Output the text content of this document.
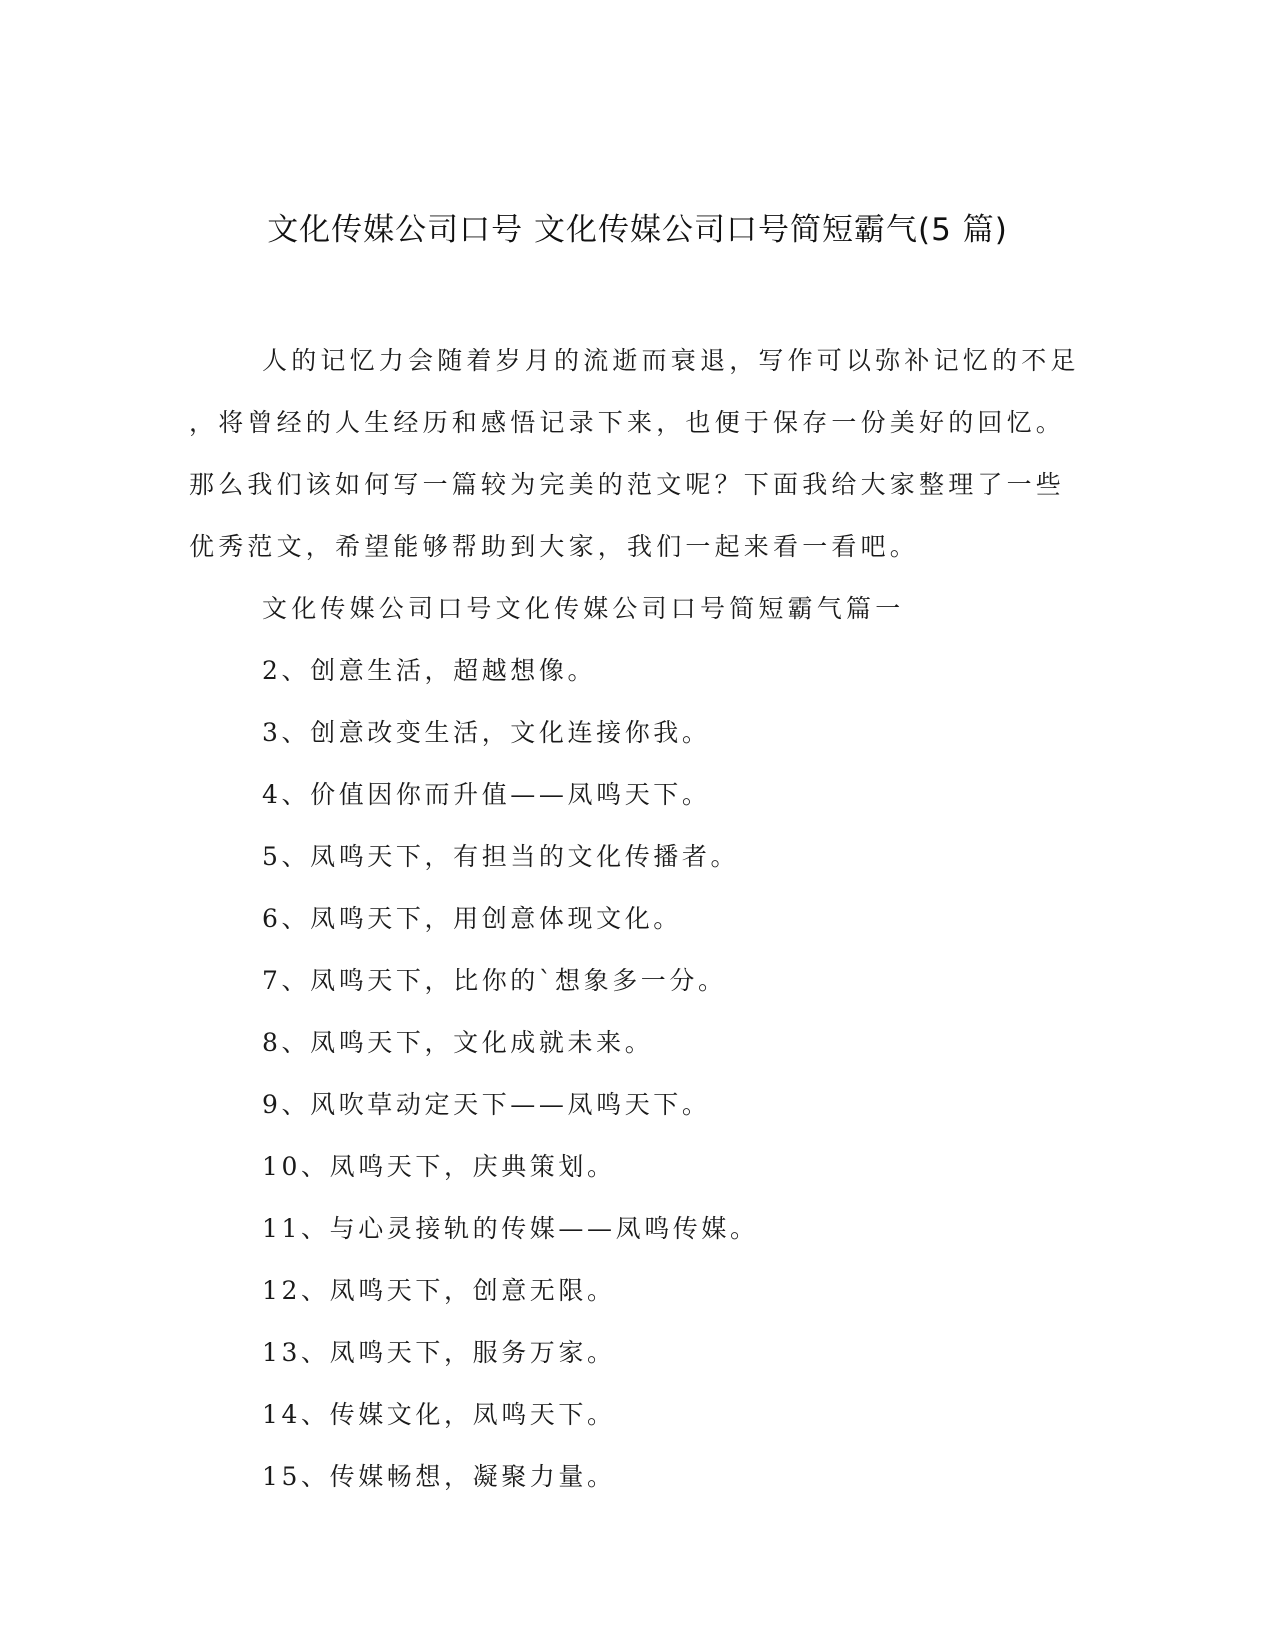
文化传媒公司口号 文化传媒公司口号简短霸气(5 篇)
人的记忆力会随着岁月的流逝而衰退，写作可以弥补记忆的不足
，将曾经的人生经历和感悟记录下来，也便于保存一份美好的回忆。
那么我们该如何写一篇较为完美的范文呢？下面我给大家整理了一些
优秀范文，希望能够帮助到大家，我们一起来看一看吧。
文化传媒公司口号文化传媒公司口号简短霸气篇一
2、创意生活，超越想像。
3、创意改变生活，文化连接你我。
4、价值因你而升值——凤鸣天下。
5、凤鸣天下，有担当的文化传播者。
6、凤鸣天下，用创意体现文化。
7、凤鸣天下，比你的`想象多一分。
8、凤鸣天下，文化成就未来。
9、风吹草动定天下——凤鸣天下。
10、凤鸣天下，庆典策划。
11、与心灵接轨的传媒——凤鸣传媒。
12、凤鸣天下，创意无限。
13、凤鸣天下，服务万家。
14、传媒文化，凤鸣天下。
15、传媒畅想，凝聚力量。
